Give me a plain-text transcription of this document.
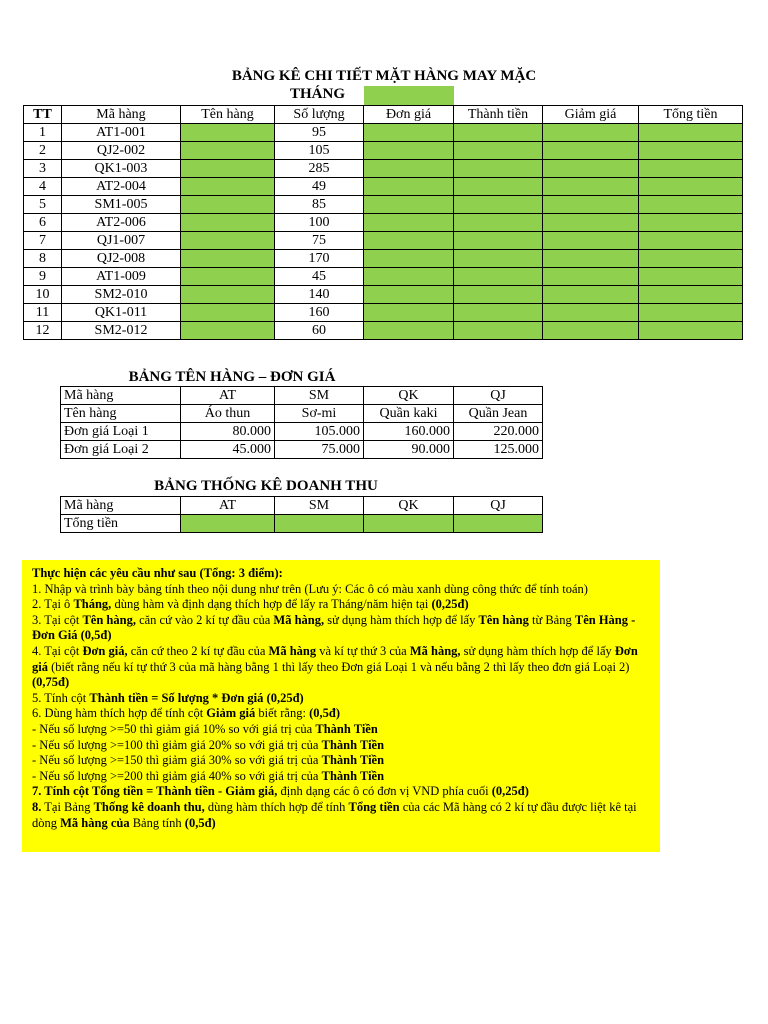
BẢNG KÊ CHI TIẾT MẶT HÀNG MAY MẶC
THÁNG
TT	Mã hàng	Tên hàng	Số lượng	Đơn giá	Thành tiền	Giảm giá	Tổng tiền
1	AT1-001		95				
2	QJ2-002		105				
3	QK1-003		285				
4	AT2-004		49				
5	SM1-005		85				
6	AT2-006		100				
7	QJ1-007		75				
8	QJ2-008		170				
9	AT1-009		45				
10	SM2-010		140				
11	QK1-011		160				
12	SM2-012		60				
BẢNG TÊN HÀNG – ĐƠN GIÁ
Mã hàng	AT	SM	QK	QJ
Tên hàng	Áo thun	Sơ-mi	Quần kaki	Quần Jean
Đơn giá Loại 1	80.000	105.000	160.000	220.000
Đơn giá Loại 2	45.000	75.000	90.000	125.000
BẢNG THỐNG KÊ DOANH THU
Mã hàng	AT	SM	QK	QJ
Tổng tiền				

Thực hiện các yêu cầu như sau (Tổng: 3 điểm):

1. Nhập và trình bày bảng tính theo nội dung như trên (Lưu ý: Các ô có màu xanh dùng công thức để tính toán)

2. Tại ô Tháng, dùng hàm và định dạng thích hợp để lấy ra Tháng/năm hiện tại (0,25đ)

3. Tại cột Tên hàng, căn cứ vào 2 kí tự đầu của Mã hàng, sử dụng hàm thích hợp để lấy Tên hàng từ Bảng Tên Hàng - Đơn Giá (0,5đ)

4. Tại cột Đơn giá, căn cứ theo 2 kí tự đầu của Mã hàng và kí tự thứ 3 của Mã hàng, sử dụng hàm thích hợp để lấy Đơn giá (biết rằng nếu kí tự thứ 3 của mã hàng bằng 1 thì lấy theo Đơn giá Loại 1 và nếu bằng 2 thì lấy theo đơn giá Loại 2) (0,75đ)

5. Tính cột Thành tiền = Số lượng * Đơn giá (0,25đ)

6. Dùng hàm thích hợp để tính cột Giảm giá biết rằng: (0,5đ)

- Nếu số lượng >=50 thì giảm giá 10% so với giá trị của Thành Tiền

- Nếu số lượng >=100 thì giảm giá 20% so với giá trị của Thành Tiền

- Nếu số lượng >=150 thì giảm giá 30% so với giá trị của Thành Tiền

- Nếu số lượng >=200 thì giảm giá 40% so với giá trị của Thành Tiền

7. Tính cột Tổng tiền = Thành tiền - Giảm giá, định dạng các ô có đơn vị VND phía cuối (0,25đ)

8. Tại Bảng Thống kê doanh thu, dùng hàm thích hợp để tính Tổng tiền của các Mã hàng có 2 kí tự đầu được liệt kê tại dòng Mã hàng của Bảng tính (0,5đ)
